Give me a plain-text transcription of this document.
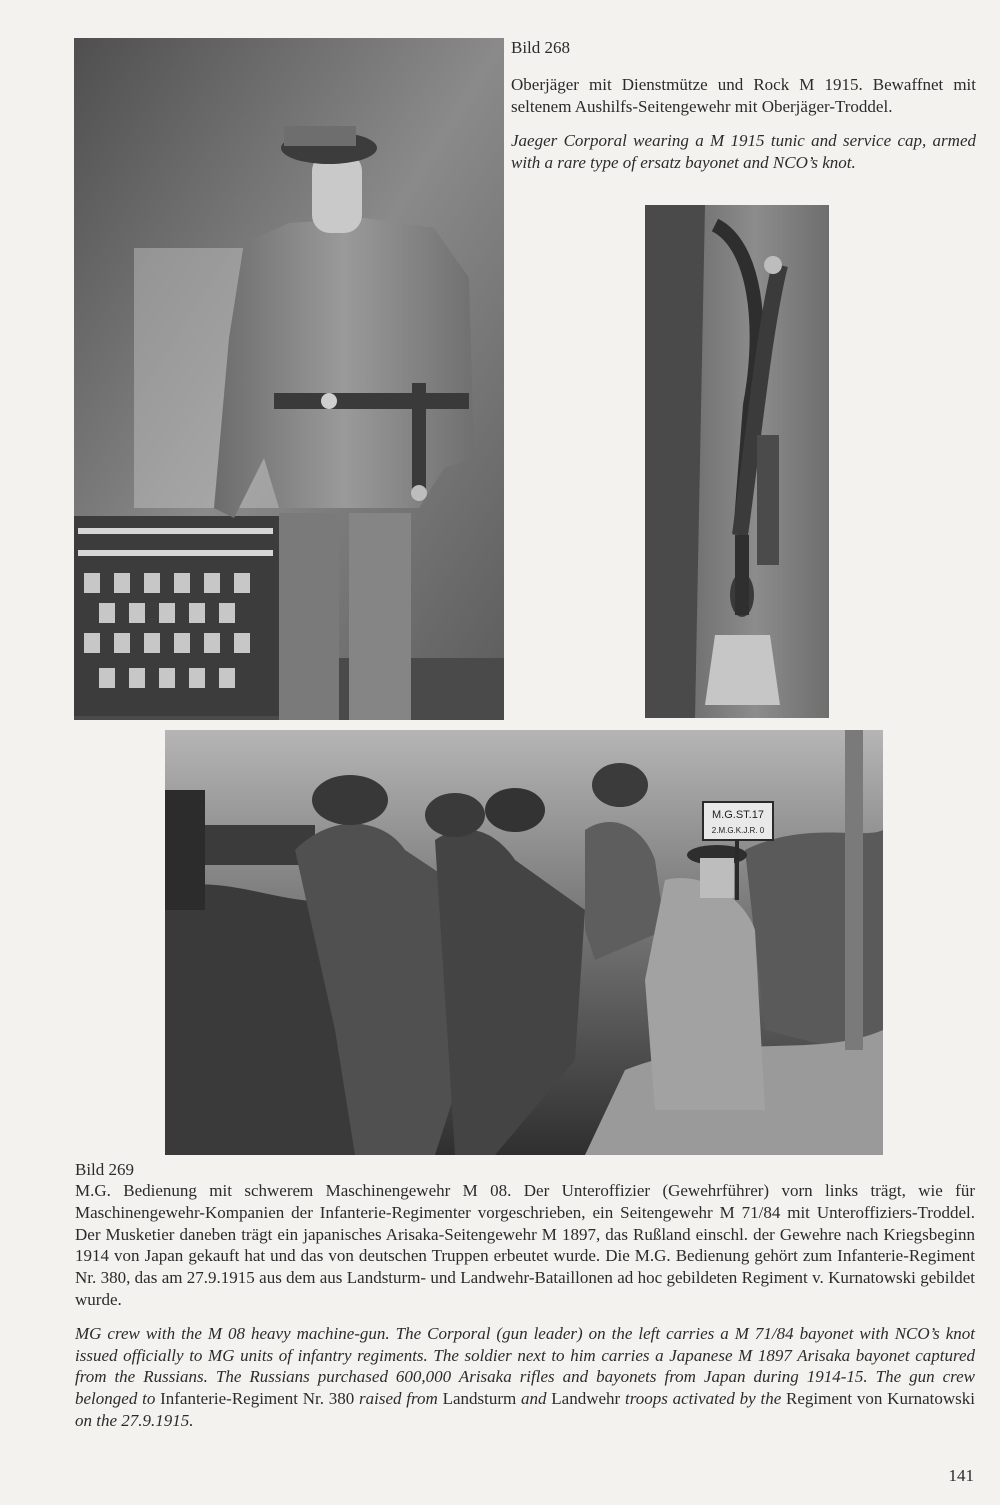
Bild 268
Oberjäger mit Dienstmütze und Rock M 1915. Bewaffnet mit seltenem Aushilfs-Seitengewehr mit Oberjäger-Troddel.
Jaeger Corporal wearing a M 1915 tunic and service cap, armed with a rare type of ersatz bayonet and NCO’s knot.
M.G.ST.17
2.M.G.K.J.R. 0
Bild 269
M.G. Bedienung mit schwerem Maschinengewehr M 08. Der Unteroffizier (Gewehrführer) vorn links trägt, wie für Maschinengewehr-Kompanien der Infanterie-Regimenter vorgeschrieben, ein Seitengewehr M 71/84 mit Unteroffiziers-Troddel. Der Musketier daneben trägt ein japanisches Arisaka-Seitengewehr M 1897, das Rußland einschl. der Gewehre nach Kriegsbeginn 1914 von Japan gekauft hat und das von deutschen Truppen erbeutet wurde. Die M.G. Bedienung gehört zum Infanterie-Regiment Nr. 380, das am 27.9.1915 aus dem aus Landsturm- und Landwehr-Bataillonen ad hoc gebildeten Regiment v. Kurnatowski gebildet wurde.
MG crew with the M 08 heavy machine-gun. The Corporal (gun leader) on the left carries a M 71/84 bayonet with NCO’s knot issued officially to MG units of infantry regiments. The soldier next to him carries a Japanese M 1897 Arisaka bayonet captured from the Russians. The Russians purchased 600,000 Arisaka rifles and bayonets from Japan during 1914-15. The gun crew belonged to Infanterie-Regiment Nr. 380 raised from Landsturm and Landwehr troops activated by the Regiment von Kurnatowski on the 27.9.1915.
141
